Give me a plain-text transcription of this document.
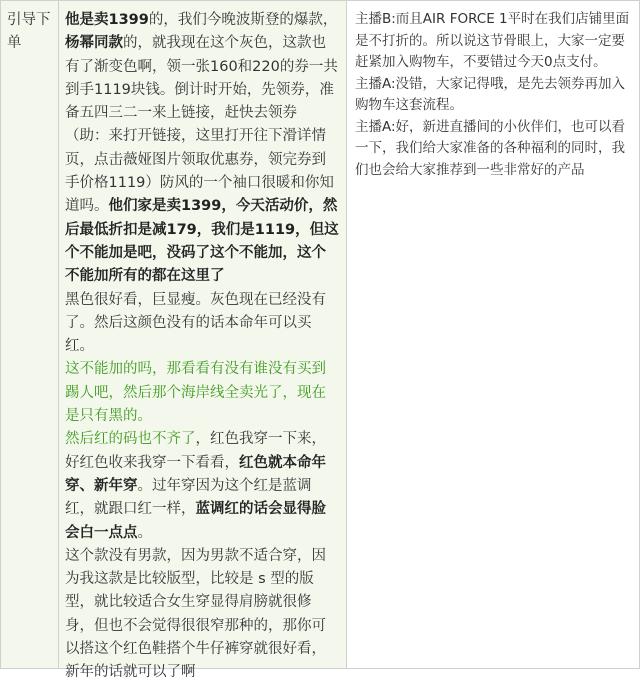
引导下单

他是卖1399的，我们今晚波斯登的爆款，杨幂同款的，就我现在这个灰色，这款也有了渐变色啊，领一张160和220的券一共到手1119块钱。倒计时开始，先领券，准备五四三二一来上链接，赶快去领券

（助：来打开链接，这里打开往下滑详情页，点击薇娅图片领取优惠券，领完券到手价格1119）防风的一个袖口很暖和你知道吗。他们家是卖1399，今天活动价，然后最低折扣是减179，我们是1119，但这个不能加是吧，没码了这个不能加，这个不能加所有的都在这里了

黑色很好看，巨显瘦。灰色现在已经没有了。然后这颜色没有的话本命年可以买红。

这不能加的吗，那看看有没有谁没有买到踢人吧，然后那个海岸线全卖光了，现在是只有黑的。

然后红的码也不齐了，红色我穿一下来，好红色收来我穿一下看看，红色就本命年穿、新年穿。过年穿因为这个红是蓝调红，就跟口红一样，蓝调红的话会显得脸会白一点点。

这个款没有男款，因为男款不适合穿，因为我这款是比较版型，比较是 s 型的版型，就比较适合女生穿显得肩膀就很修身，但也不会觉得很很窄那种的，那你可以搭这个红色鞋搭个牛仔裤穿就很好看，新年的话就可以了啊

主播B:而且AIR FORCE 1平时在我们店铺里面是不打折的。所以说这节骨眼上，大家一定要赶紧加入购物车，不要错过今天0点支付。

主播A:没错，大家记得哦，是先去领券再加入购物车这套流程。

主播A:好，新进直播间的小伙伴们，也可以看一下，我们给大家准备的各种福利的同时，我们也会给大家推荐到一些非常好的产品
